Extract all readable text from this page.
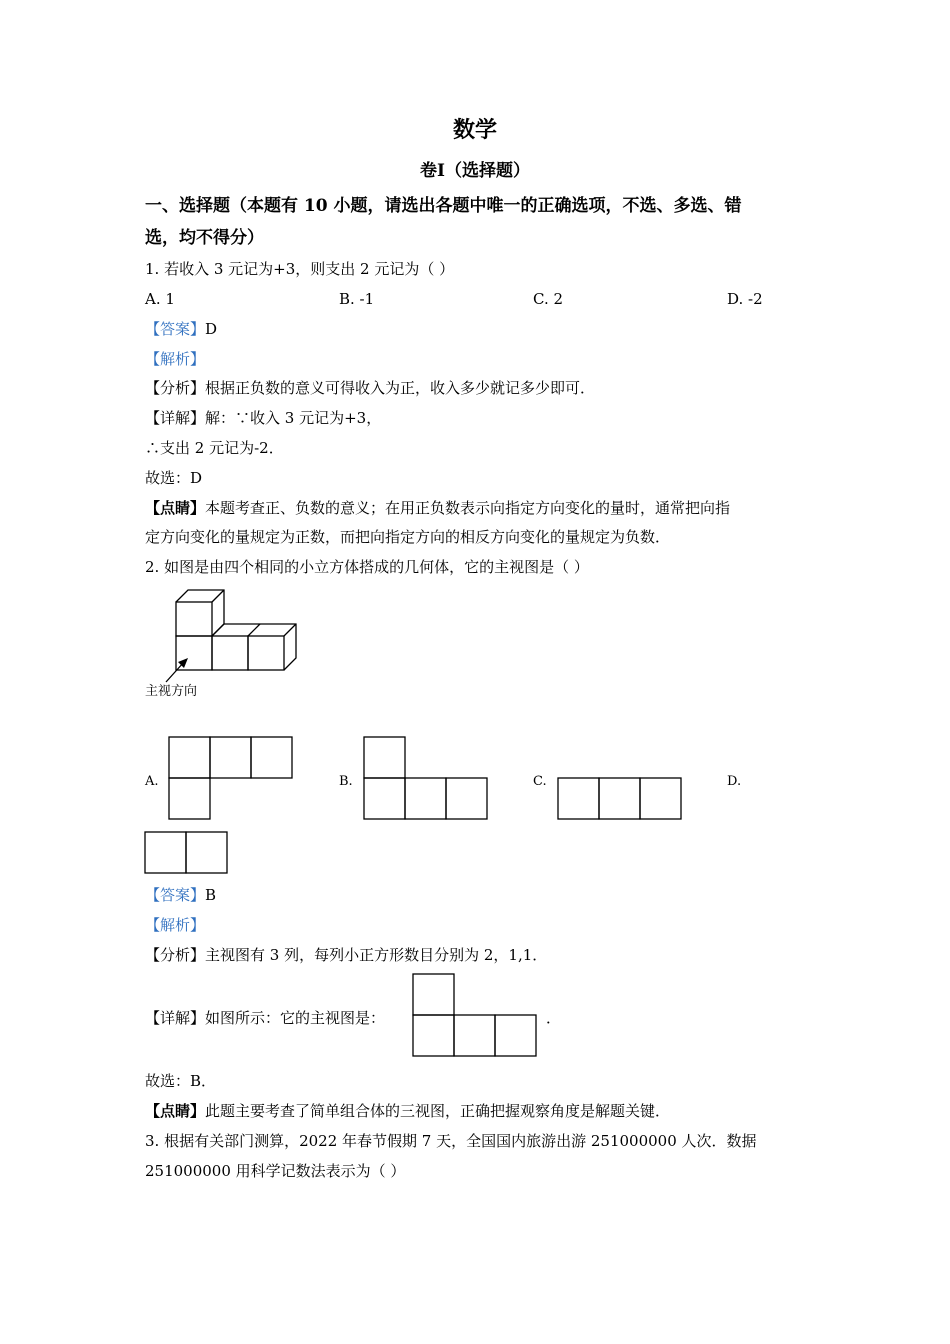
数学
卷Ⅰ（选择题）
一、选择题（本题有 10 小题，请选出各题中唯一的正确选项，不选、多选、错
选，均不得分）
1. 若收入 3 元记为+3，则支出 2 元记为（ ）
A. 1	B. -1	C. 2	D. -2
【答案】D
【解析】
【分析】根据正负数的意义可得收入为正，收入多少就记多少即可．
【详解】解：∵收入 3 元记为+3，
∴支出 2 元记为-2．
故选：D
【点睛】本题考查正、负数的意义；在用正负数表示向指定方向变化的量时，通常把向指
定方向变化的量规定为正数，而把向指定方向的相反方向变化的量规定为负数．
2. 如图是由四个相同的小立方体搭成的几何体，它的主视图是（ ）
主视方向
A.	B.	C.	D.
【答案】B
【解析】
【分析】主视图有 3 列，每列小正方形数目分别为 2，1,1．
【详解】如图所示：它的主视图是：	．
故选：B．
【点睛】此题主要考查了简单组合体的三视图，正确把握观察角度是解题关键．
3. 根据有关部门测算，2022 年春节假期 7 天，全国国内旅游出游 251000000 人次．数据
251000000 用科学记数法表示为（ ）
